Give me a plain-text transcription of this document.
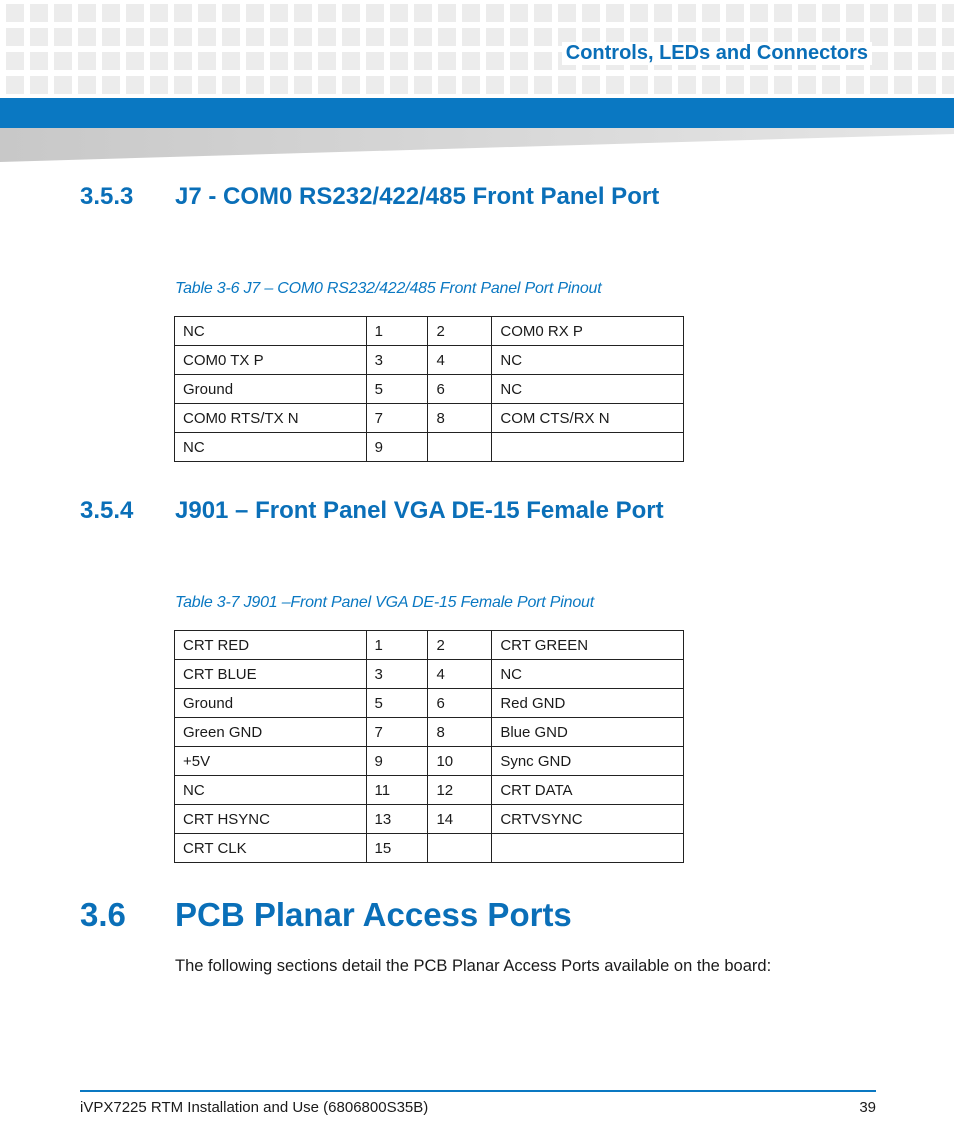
Controls, LEDs and Connectors

3.5.3 J7 - COM0 RS232/422/485 Front Panel Port

Table 3-6 J7 – COM0 RS232/422/485 Front Panel Port Pinout

NC	1	2	COM0 RX P
COM0 TX P	3	4	NC
Ground	5	6	NC
COM0 RTS/TX N	7	8	COM CTS/RX N
NC	9		
3.5.4 J901 – Front Panel VGA DE-15 Female Port

Table 3-7 J901 –Front Panel VGA DE-15 Female Port Pinout

CRT RED	1	2	CRT GREEN
CRT BLUE	3	4	NC
Ground	5	6	Red GND
Green GND	7	8	Blue GND
+5V	9	10	Sync GND
NC	11	12	CRT DATA
CRT HSYNC	13	14	CRTVSYNC
CRT CLK	15		
3.6 PCB Planar Access Ports

The following sections detail the PCB Planar Access Ports available on the board:

iVPX7225 RTM Installation and Use (6806800S35B)	39
